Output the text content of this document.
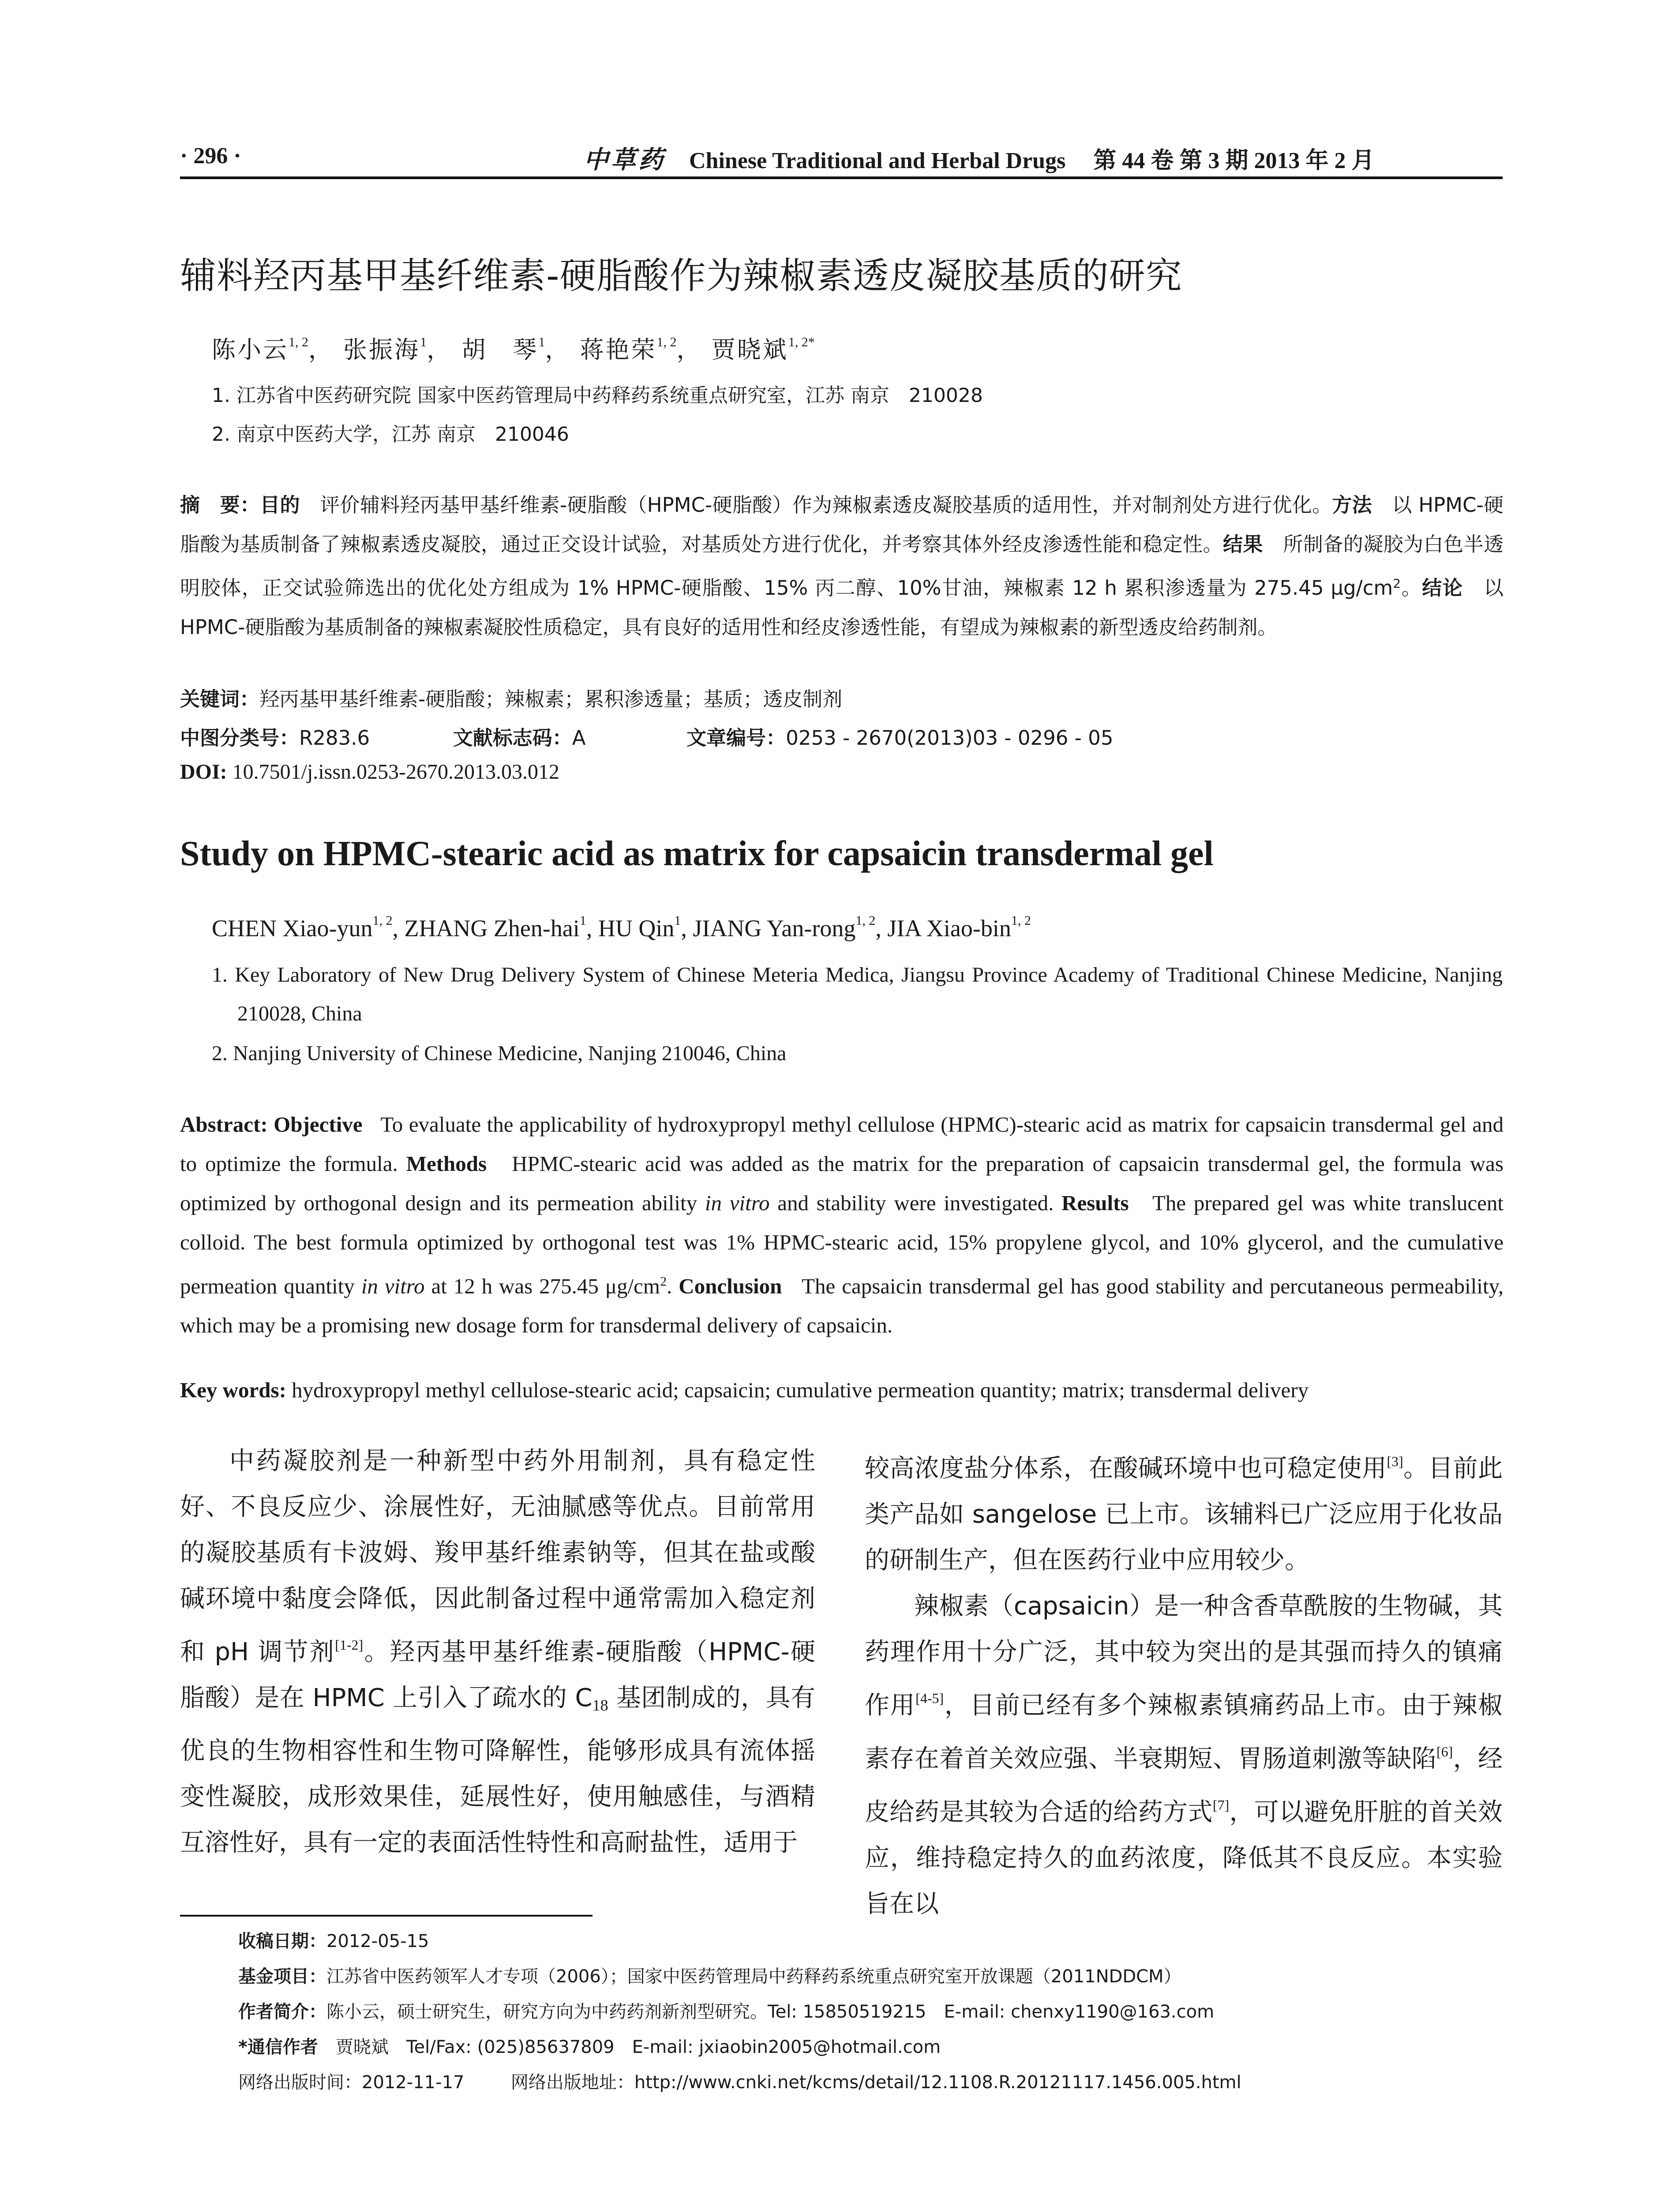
· 296 ·	中草药 Chinese Traditional and Herbal Drugs 第 44 卷 第 3 期 2013 年 2 月
辅料羟丙基甲基纤维素-硬脂酸作为辣椒素透皮凝胶基质的研究
陈小云$^{1, 2}$， 张振海$^1$， 胡　琴$^1$， 蒋艳荣$^{1, 2}$， 贾晓斌$^{1, 2*}$
1. 江苏省中医药研究院 国家中医药管理局中药释药系统重点研究室，江苏 南京　210028
2. 南京中医药大学，江苏 南京　210046
摘　要：目的　 评价辅料羟丙基甲基纤维素-硬脂酸（HPMC-硬脂酸）作为辣椒素透皮凝胶基质的适用性，并对制剂处方进行优化。方法　 以 HPMC-硬脂酸为基质制备了辣椒素透皮凝胶，通过正交设计试验，对基质处方进行优化，并考察其体外经皮渗透性能和稳定性。结果　 所制备的凝胶为白色半透明胶体，正交试验筛选出的优化处方组成为 1% HPMC-硬脂酸、15% 丙二醇、10%甘油，辣椒素 12 h 累积渗透量为 275.45 $\mu g/cm^2$。结论　 以 HPMC-硬脂酸为基质制备的辣椒素凝胶性质稳定，具有良好的适用性和经皮渗透性能，有望成为辣椒素的新型透皮给药制剂。
关键词：羟丙基甲基纤维素-硬脂酸；辣椒素；累积渗透量；基质；透皮制剂
中图分类号：R283.6	文献标志码：A	文章编号：0253 - 2670(2013)03 - 0296 - 05
DOI: 10.7501/j.issn.0253-2670.2013.03.012
Study on HPMC-stearic acid as matrix for capsaicin transdermal gel
CHEN Xiao-yun$^{1, 2}$, ZHANG Zhen-hai$^1$, HU Qin$^1$, JIANG Yan-rong$^{1, 2}$, JIA Xiao-bin$^{1, 2}$
1. Key Laboratory of New Drug Delivery System of Chinese Meteria Medica, Jiangsu Province Academy of Traditional Chinese Medicine, Nanjing 210028, China
2. Nanjing University of Chinese Medicine, Nanjing 210046, China
Abstract: Objective To evaluate the applicability of hydroxypropyl methyl cellulose (HPMC)-stearic acid as matrix for capsaicin transdermal gel and to optimize the formula. Methods HPMC-stearic acid was added as the matrix for the preparation of capsaicin transdermal gel, the formula was optimized by orthogonal design and its permeation ability in vitro and stability were investigated. Results The prepared gel was white translucent colloid. The best formula optimized by orthogonal test was 1% HPMC-stearic acid, 15% propylene glycol, and 10% glycerol, and the cumulative permeation quantity in vitro at 12 h was 275.45 $\mu g/cm^2$. Conclusion The capsaicin transdermal gel has good stability and percutaneous permeability, which may be a promising new dosage form for transdermal delivery of capsaicin.
Key words: hydroxypropyl methyl cellulose-stearic acid; capsaicin; cumulative permeation quantity; matrix; transdermal delivery

中药凝胶剂是一种新型中药外用制剂，具有稳定性好、不良反应少、涂展性好，无油腻感等优点。目前常用的凝胶基质有卡波姆、羧甲基纤维素钠等，但其在盐或酸碱环境中黏度会降低，因此制备过程中通常需加入稳定剂和 pH 调节剂[1-2]。羟丙基甲基纤维素-硬脂酸（HPMC-硬脂酸）是在 HPMC 上引入了疏水的 $C_{18}$ 基团制成的，具有优良的生物相容性和生物可降解性，能够形成具有流体摇变性凝胶，成形效果佳，延展性好，使用触感佳，与酒精互溶性好，具有一定的表面活性特性和高耐盐性，适用于

较高浓度盐分体系，在酸碱环境中也可稳定使用[3]。目前此类产品如 sangelose 已上市。该辅料已广泛应用于化妆品的研制生产，但在医药行业中应用较少。

辣椒素（capsaicin）是一种含香草酰胺的生物碱，其药理作用十分广泛，其中较为突出的是其强而持久的镇痛作用[4-5]，目前已经有多个辣椒素镇痛药品上市。由于辣椒素存在着首关效应强、半衰期短、胃肠道刺激等缺陷[6]，经皮给药是其较为合适的给药方式[7]，可以避免肝脏的首关效应，维持稳定持久的血药浓度，降低其不良反应。本实验旨在以

收稿日期：2012-05-15
基金项目：江苏省中医药领军人才专项（2006）；国家中医药管理局中药释药系统重点研究室开放课题（2011NDDCM）
作者简介：陈小云，硕士研究生，研究方向为中药药剂新剂型研究。Tel: 15850519215　E-mail: chenxy1190@163.com
*通信作者　 贾晓斌　Tel/Fax: (025)85637809　E-mail: jxiaobin2005@hotmail.com
网络出版时间：2012-11-17	网络出版地址：http://www.cnki.net/kcms/detail/12.1108.R.20121117.1456.005.html
